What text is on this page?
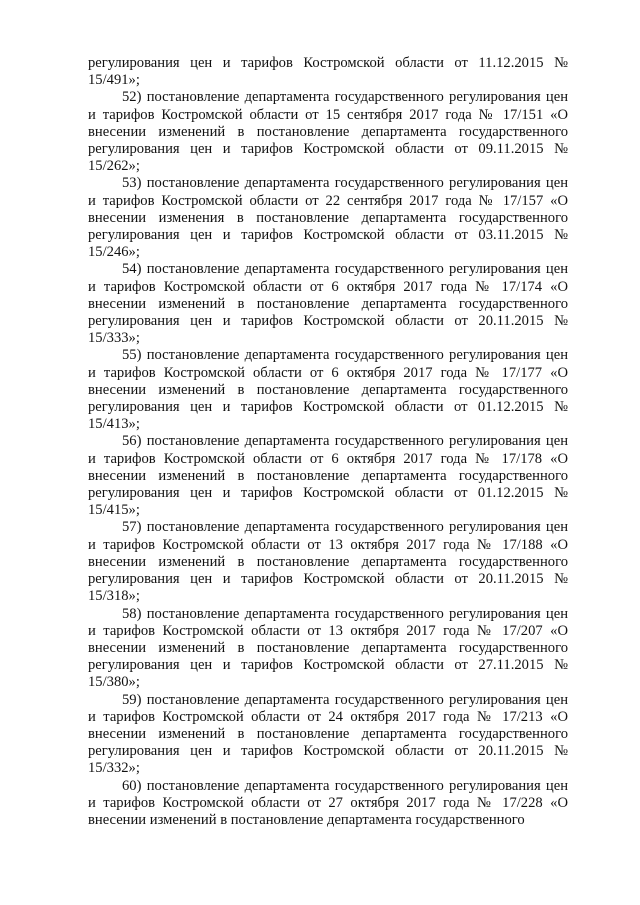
регулирования цен и тарифов Костромской области от 11.12.2015 № 15/491»;

52) постановление департамента государственного регулирования цен и тарифов Костромской области от 15 сентября 2017 года № 17/151 «О внесении изменений в постановление департамента государственного регулирования цен и тарифов Костромской области от 09.11.2015 № 15/262»;

53) постановление департамента государственного регулирования цен и тарифов Костромской области от 22 сентября 2017 года № 17/157 «О внесении изменения в постановление департамента государственного регулирования цен и тарифов Костромской области от 03.11.2015 № 15/246»;

54) постановление департамента государственного регулирования цен и тарифов Костромской области от 6 октября 2017 года № 17/174 «О внесении изменений в постановление департамента государственного регулирования цен и тарифов Костромской области от 20.11.2015 № 15/333»;

55) постановление департамента государственного регулирования цен и тарифов Костромской области от 6 октября 2017 года № 17/177 «О внесении изменений в постановление департамента государственного регулирования цен и тарифов Костромской области от 01.12.2015 № 15/413»;

56) постановление департамента государственного регулирования цен и тарифов Костромской области от 6 октября 2017 года № 17/178 «О внесении изменений в постановление департамента государственного регулирования цен и тарифов Костромской области от 01.12.2015 № 15/415»;

57) постановление департамента государственного регулирования цен и тарифов Костромской области от 13 октября 2017 года № 17/188 «О внесении изменений в постановление департамента государственного регулирования цен и тарифов Костромской области от 20.11.2015 № 15/318»;

58) постановление департамента государственного регулирования цен и тарифов Костромской области от 13 октября 2017 года № 17/207 «О внесении изменений в постановление департамента государственного регулирования цен и тарифов Костромской области от 27.11.2015 № 15/380»;

59) постановление департамента государственного регулирования цен и тарифов Костромской области от 24 октября 2017 года № 17/213 «О внесении изменений в постановление департамента государственного регулирования цен и тарифов Костромской области от 20.11.2015 № 15/332»;

60) постановление департамента государственного регулирования цен и тарифов Костромской области от 27 октября 2017 года № 17/228 «О внесении изменений в постановление департамента государственного
